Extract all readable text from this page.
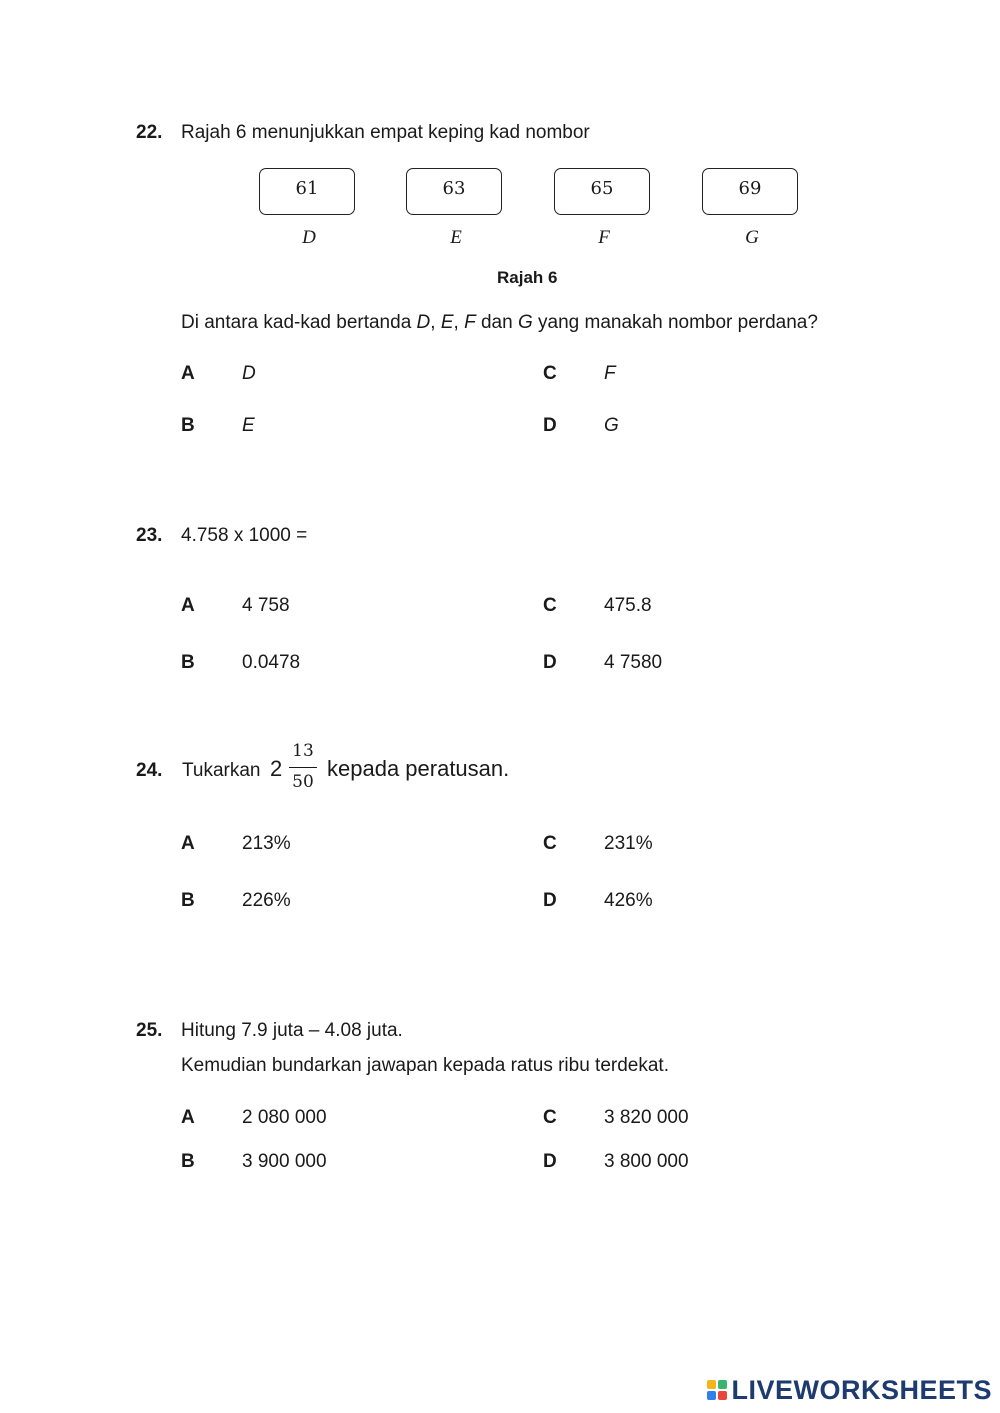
22. Rajah 6 menunjukkan empat keping kad nombor
61	63	65	69
D	E	F	G
Rajah 6
Di antara kad-kad bertanda D, E, F dan G yang manakah nombor perdana?
A D
B E
C F
D G
23. 4.758 x 1000 =
A 4 758
B 0.0478
C 475.8
D 4 7580
24. Tukarkan 2
13
50
kepada peratusan.
A 213%
B 226%
C 231%
D 426%
25. Hitung 7.9 juta – 4.08 juta.
Kemudian bundarkan jawapan kepada ratus ribu terdekat.
A 2 080 000
B 3 900 000
C 3 820 000
D 3 800 000
LIVEWORKSHEETS
